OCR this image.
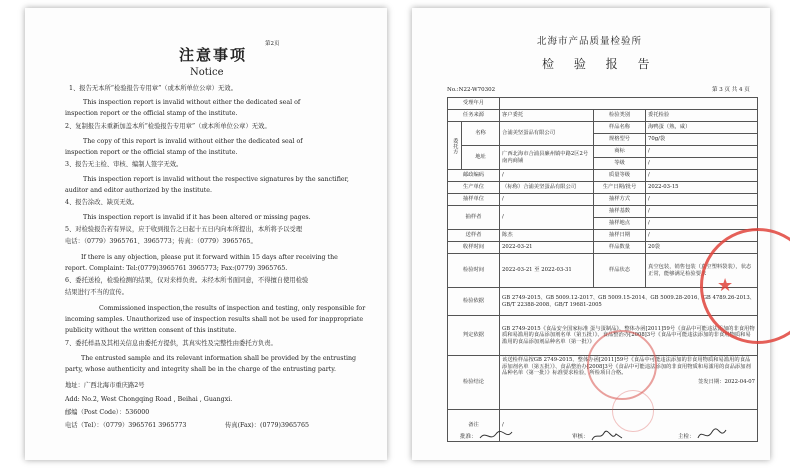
第2页
注意事项
Notice
1、报告无本所“检验报告专用章”（或本所单位公章）无效。
This inspection report is invalid without either the dedicated seal of
inspection report or the official stamp of the institute.
2、复制报告未重新加盖本所“检验报告专用章”（或本所单位公章）无效。
The copy of this report is invalid without either the dedicated seal of
inspection report or the official stamp of the institute.
3、报告无主检、审核、编制人签字无效。
This inspection report is invalid without the respective signatures by the sanctifier,
auditor and editor authorized by the institute.
4、报告涂改、缺页无效。
This inspection report is invalid if it has been altered or missing pages.
5、对检验报告若有异议，应于收到报告之日起十五日内向本所提出，本所将予以受理
电话：（0779）3965761、3965773；传真：（0779）3965765。
If there is any objection, please put it forward within 15 days after receiving the
report. Complaint: Tel:(0779)3965761 3965773; Fax:(0779) 3965765.
6、委托送检，检验检测的结果，仅对来样负责。未经本所书面同意，不得擅自使用检验
结果进行不当的宣传。
Commissioned inspection,the results of inspection and testing, only responsible for
incoming samples. Unauthorized use of inspection results shall not be used for inappropriate
publicity without the written consent of this institute.
7、委托样品及其相关信息由委托方提供，其真实性及完整性由委托方负责。
The entrusted sample and its relevant information shall be provided by the entrusting
party, whose authenticity and integrity shall be in the charge of the entrusting party.
地址：广西北海市重庆路2号
Add: No.2, West Chongqing Road , Beihai , Guangxi.
邮编（Post Code）：536000
电话（Tel）：（0779）3965761 3965773	传真(Fax)：(0779)3965765
北海市产品质量检验所
检 验 报 告
No.:N22-W70302	第 3 页 共 4 页
受理年月				
任务来源		客户委托	检验类别	委托检验
委托方	名称	合浦美坚蛋品有限公司	样品名称	海鸭蛋（熟，咸）
			规格型号	70g/袋
	地址	广西北海市合浦县廉州镇中路2区2号南内商铺	商标	/
			等级	/
邮政编码		/	质量等级	/
生产单位		（标称）合浦美坚蛋品有限公司	生产日期/批号	2022-03-15
抽样单位		/	抽样方式	/
抽样者		/	抽样基数	/
			抽样地点	/
送样者		陈杰	抽样日期	/
收样时间		2022-03-21	样品数量	20袋
检验时间		2022-03-21 至 2022-03-31	样品状态	真空包装，销售包装（真空塑料袋装），状态正常，能够满足检验要求
检验依据		GB 2749-2015、GB 5009.12-2017、GB 5009.15-2014、GB 5009.28-2016、GB 4789.26-2013、GB/T 22388-2008、GB/T 19681-2005		
判定依据		GB 2749-2015《食品安全国家标准 蛋与蛋制品》、整体办函[2011]59号《食品中可能违法添加的非食用物质和易滥用的食品添加剂名单（第五批）》、食品整治办[2008]3号《食品中可能违法添加的非食用物质和易滥用的食品添加剂品种名单（第一批）》		
检验结论		该送检样品按GB 2749-2015、整体办函[2011]59号《食品中可能违法添加的非食用物质和易滥用的食品添加剂名单（第五批）》、食品整治办[2008]3号《食品中可能违法添加的非食用物质和易滥用的食品添加剂品种名单（第一批）》标准要求检验，所检项目合格。
签发日期：2022-04-07		

备注		/		
批准：	审核：	主检：
★
